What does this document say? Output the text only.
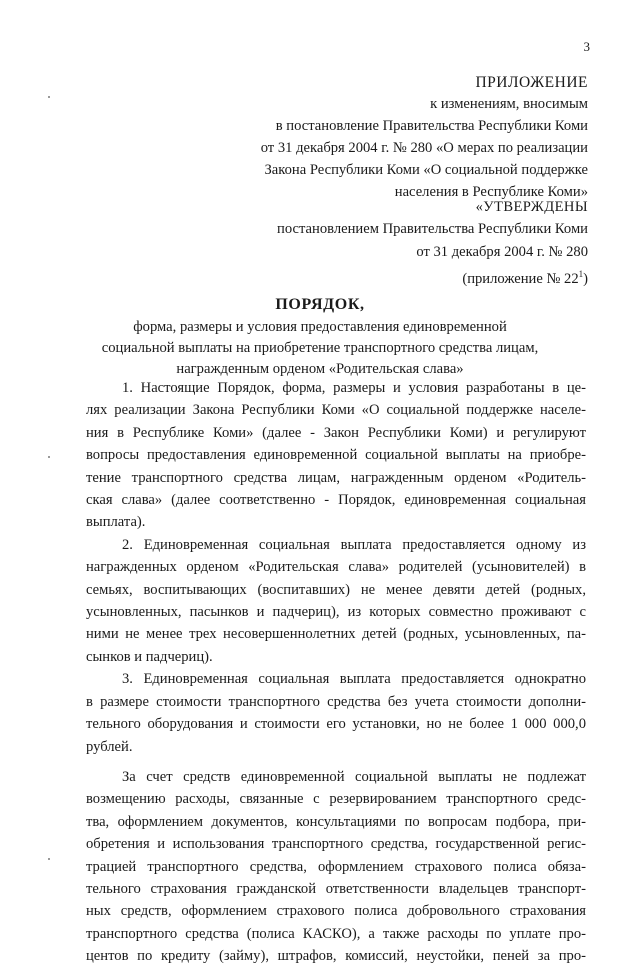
3
ПРИЛОЖЕНИЕ
к изменениям, вносимым
в постановление Правительства Республики Коми
от 31 декабря 2004 г. № 280 «О мерах по реализации
Закона Республики Коми «О социальной поддержке
населения в Республике Коми»
«УТВЕРЖДЕНЫ
постановлением Правительства Республики Коми
от 31 декабря 2004 г. № 280
(приложение № $22^1$)
ПОРЯДОК,
форма, размеры и условия предоставления единовременной
социальной выплаты на приобретение транспортного средства лицам,
награжденным орденом «Родительская слава»
1. Настоящие Порядок, форма, размеры и условия разработаны в це-
лях реализации Закона Республики Коми «О социальной поддержке населе-
ния в Республике Коми» (далее - Закон Республики Коми) и регулируют
вопросы предоставления единовременной социальной выплаты на приобре-
тение транспортного средства лицам, награжденным орденом «Родитель-
ская слава» (далее соответственно - Порядок, единовременная социальная
выплата).
2. Единовременная социальная выплата предоставляется одному из
награжденных орденом «Родительская слава» родителей (усыновителей) в
семьях, воспитывающих (воспитавших) не менее девяти детей (родных,
усыновленных, пасынков и падчериц), из которых совместно проживают с
ними не менее трех несовершеннолетних детей (родных, усыновленных, па-
сынков и падчериц).
3. Единовременная социальная выплата предоставляется однократно
в размере стоимости транспортного средства без учета стоимости дополни-
тельного оборудования и стоимости его установки, но не более 1 000 000,0
рублей.
За счет средств единовременной социальной выплаты не подлежат
возмещению расходы, связанные с резервированием транспортного средс-
тва, оформлением документов, консультациями по вопросам подбора, при-
обретения и использования транспортного средства, государственной регис-
трацией транспортного средства, оформлением страхового полиса обяза-
тельного страхования гражданской ответственности владельцев транспорт-
ных средств, оформлением страхового полиса добровольного страхования
транспортного средства (полиса КАСКО), а также расходы по уплате про-
центов по кредиту (займу), штрафов, комиссий, неустойки, пеней за про-
